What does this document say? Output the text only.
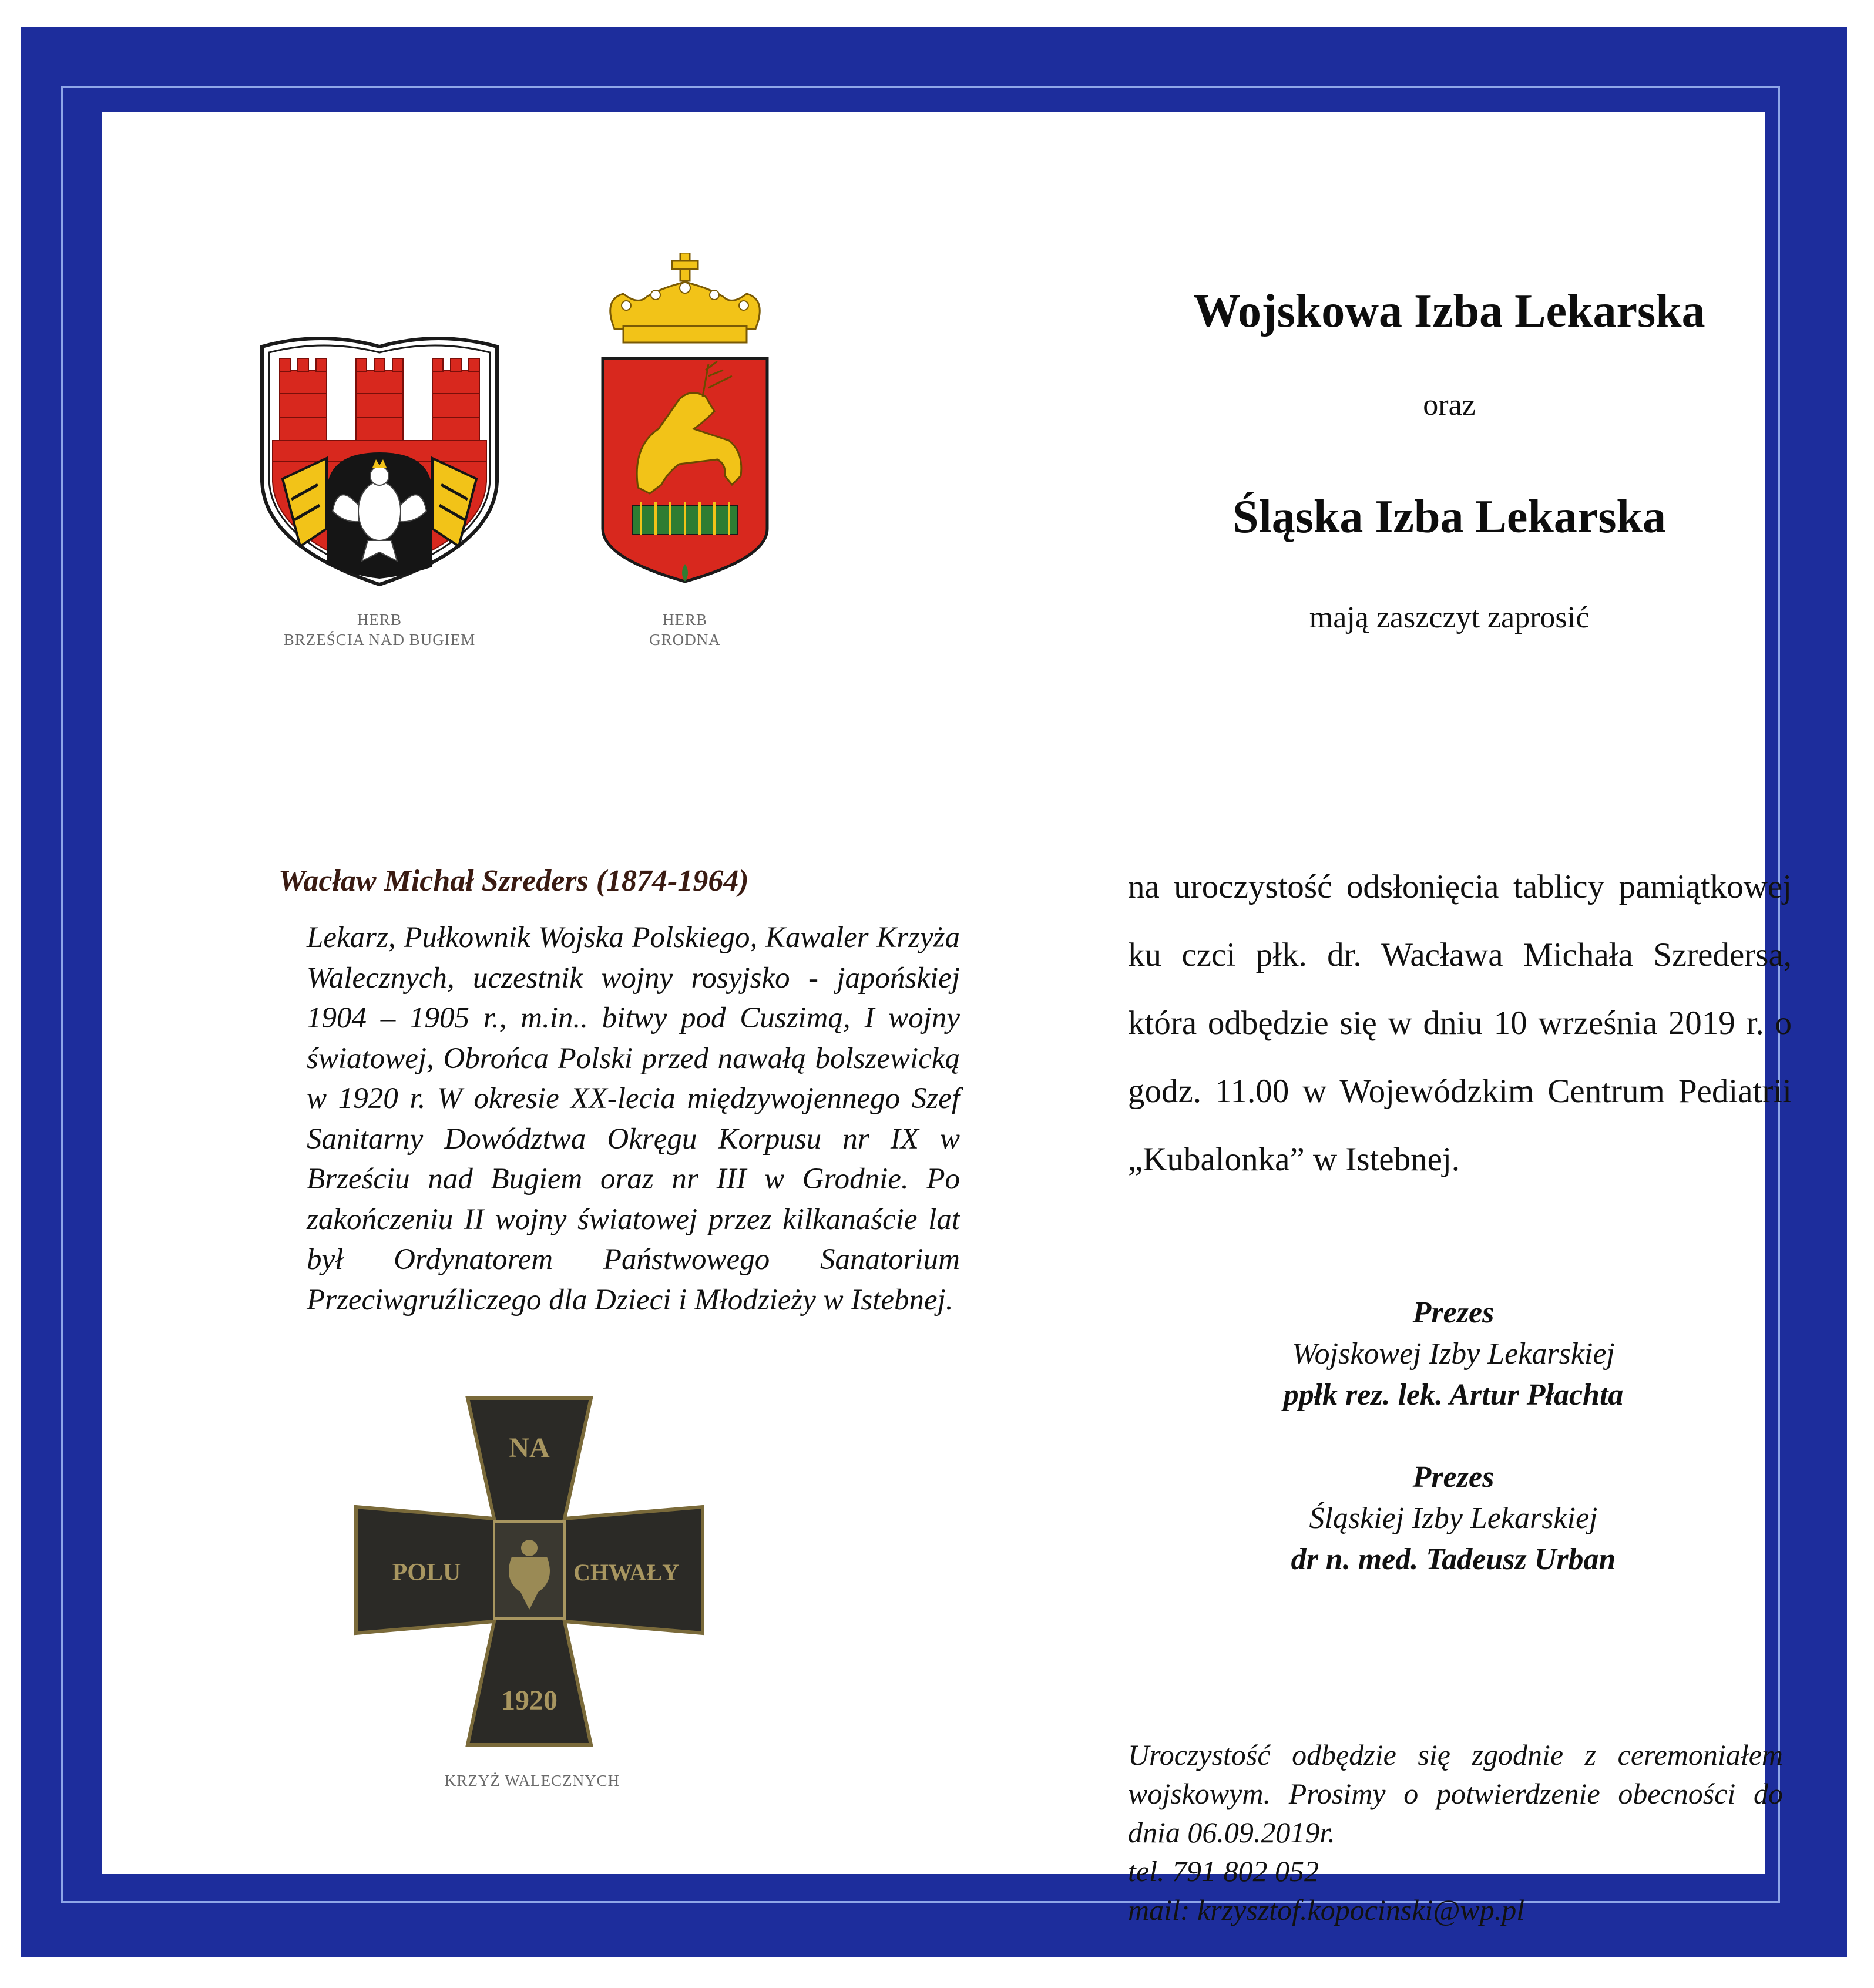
HERB
BRZEŚCIA NAD BUGIEM
HERB
GRODNA
Wacław Michał Szreders (1874-1964)
Lekarz, Pułkownik Wojska Polskiego, Kawaler Krzyża Walecznych, uczestnik wojny rosyjsko - japońskiej 1904 – 1905 r., m.in.. bitwy pod Cuszimą, I wojny światowej, Obrońca Polski przed nawałą bolszewicką w 1920 r. W okresie XX-lecia międzywojennego Szef Sanitarny Dowództwa Okręgu Korpusu nr IX w Brześciu nad Bugiem oraz nr III w Grodnie. Po zakończeniu II wojny światowej przez kilkanaście lat był Ordynatorem Państwowego Sanatorium Przeciwgruźliczego dla Dzieci i Młodzieży w Istebnej.
NA
POLU	CHWAŁY
1920
KRZYŻ WALECZNYCH
Wojskowa Izba Lekarska
oraz
Śląska Izba Lekarska
mają zaszczyt zaprosić
na uroczystość odsłonięcia tablicy pamiątkowej ku czci płk. dr. Wacława Michała Szredersa, która odbędzie się w dniu 10 września 2019 r. o godz. 11.00 w Wojewódzkim Centrum Pediatrii „Kubalonka” w Istebnej.
Prezes
Wojskowej Izby Lekarskiej
ppłk rez. lek. Artur Płachta
Prezes
Śląskiej Izby Lekarskiej
dr n. med. Tadeusz Urban
Uroczystość odbędzie się zgodnie z ceremoniałem wojskowym. Prosimy o potwierdzenie obecności do dnia 06.09.2019r.
tel. 791 802 052
mail: krzysztof.kopocinski@wp.pl
